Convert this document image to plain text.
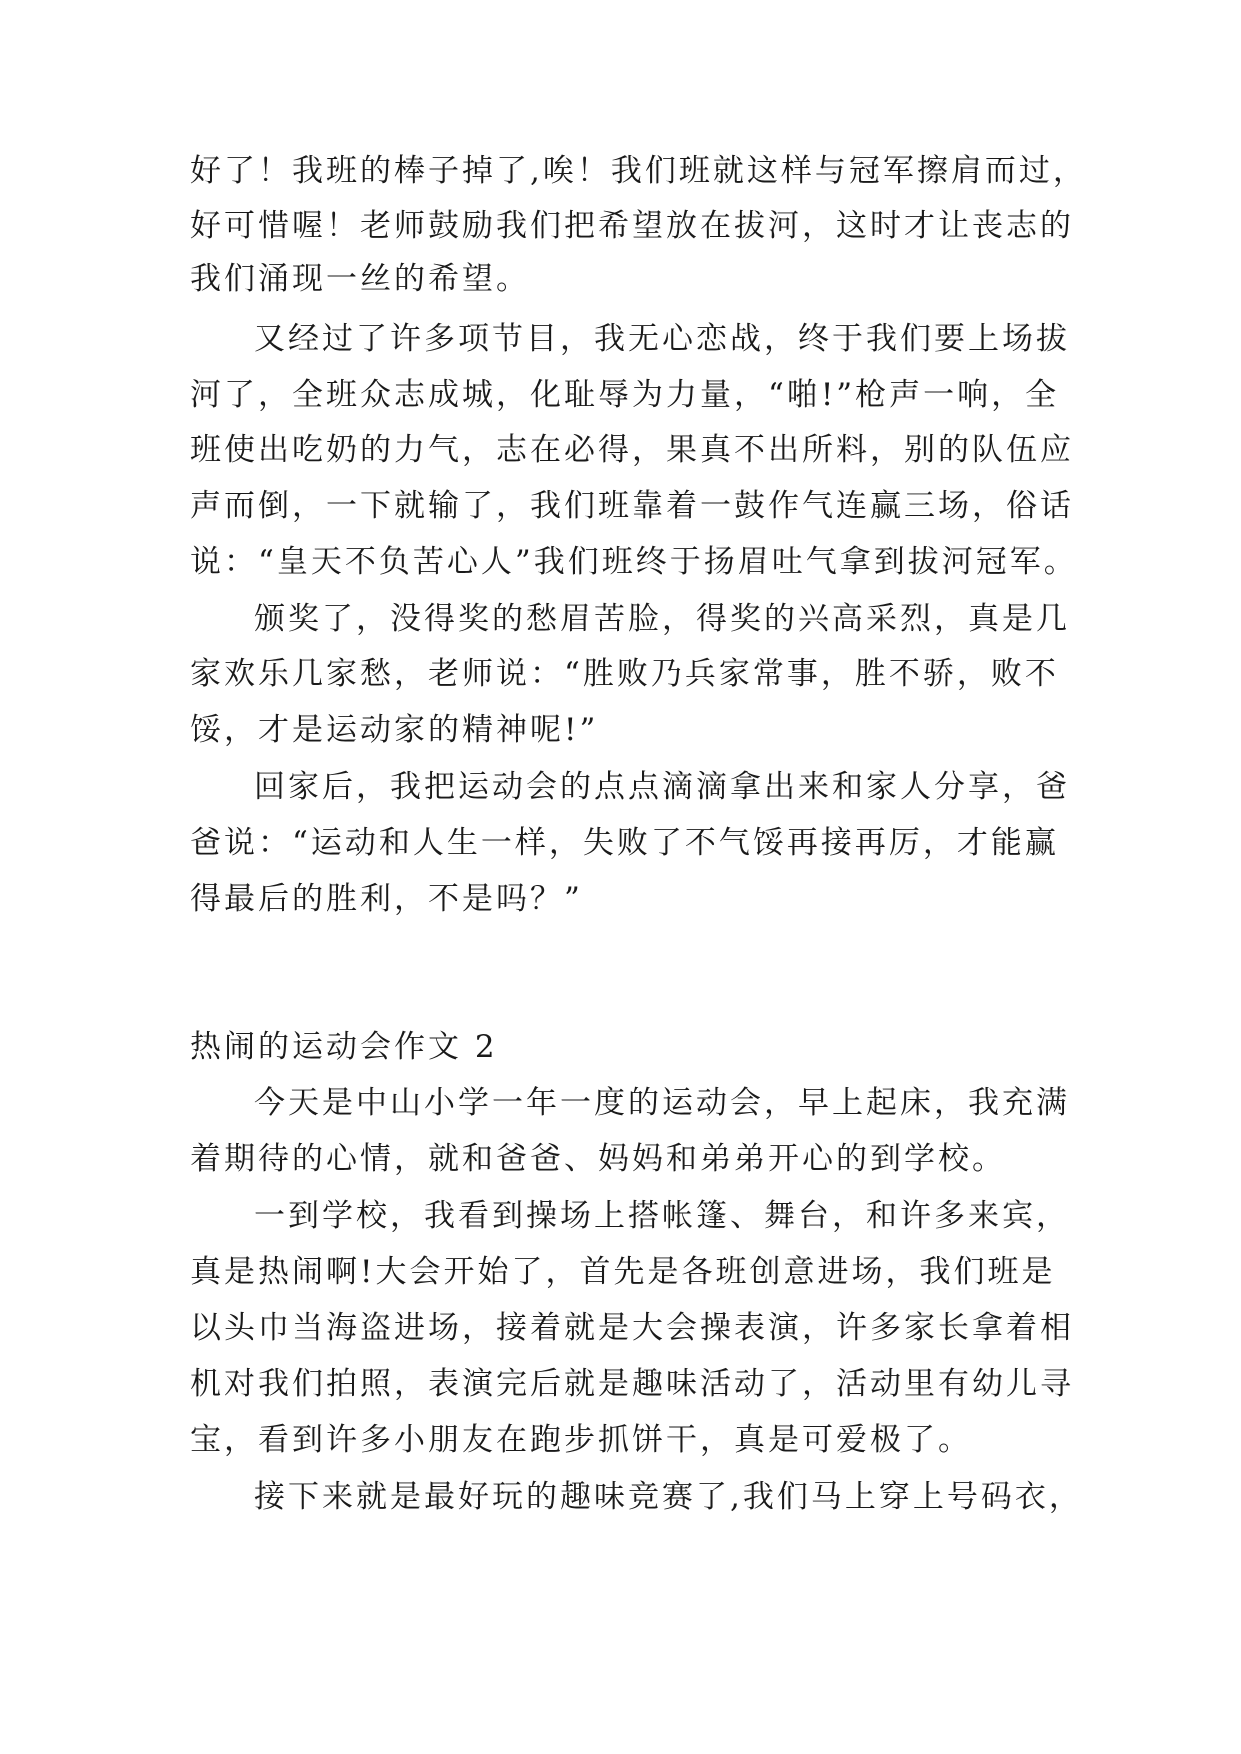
好了！我班的棒子掉了,唉！我们班就这样与冠军擦肩而过，
好可惜喔！老师鼓励我们把希望放在拔河，这时才让丧志的
我们涌现一丝的希望。
又经过了许多项节目，我无心恋战，终于我们要上场拔
河了，全班众志成城，化耻辱为力量，“啪!”枪声一响，全
班使出吃奶的力气，志在必得，果真不出所料，别的队伍应
声而倒，一下就输了，我们班靠着一鼓作气连赢三场，俗话
说：“皇天不负苦心人”我们班终于扬眉吐气拿到拔河冠军。
颁奖了，没得奖的愁眉苦脸，得奖的兴高采烈，真是几
家欢乐几家愁，老师说：“胜败乃兵家常事，胜不骄，败不
馁，才是运动家的精神呢!”
回家后，我把运动会的点点滴滴拿出来和家人分享，爸
爸说：“运动和人生一样，失败了不气馁再接再厉，才能赢
得最后的胜利，不是吗？”
热闹的运动会作文 2
今天是中山小学一年一度的运动会，早上起床，我充满
着期待的心情，就和爸爸、妈妈和弟弟开心的到学校。
一到学校，我看到操场上搭帐篷、舞台，和许多来宾，
真是热闹啊!大会开始了，首先是各班创意进场，我们班是
以头巾当海盗进场，接着就是大会操表演，许多家长拿着相
机对我们拍照，表演完后就是趣味活动了，活动里有幼儿寻
宝，看到许多小朋友在跑步抓饼干，真是可爱极了。
接下来就是最好玩的趣味竞赛了,我们马上穿上号码衣，
